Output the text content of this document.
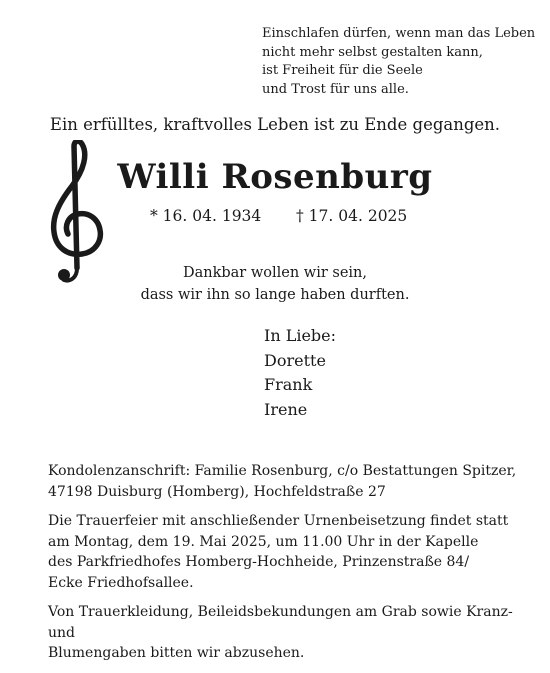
Einschlafen dürfen, wenn man das Leben
nicht mehr selbst gestalten kann,
ist Freiheit für die Seele
und Trost für uns alle.
Ein erfülltes, kraftvolles Leben ist zu Ende gegangen.
Willi Rosenburg
* 16. 04. 1934 † 17. 04. 2025
Dankbar wollen wir sein,
dass wir ihn so lange haben durften.
In Liebe:
Dorette
Frank
Irene

Kondolenzanschrift: Familie Rosenburg, c/o Bestattungen Spitzer,
47198 Duisburg (Homberg), Hochfeldstraße 27

Die Trauerfeier mit anschließender Urnenbeisetzung findet statt
am Montag, dem 19. Mai 2025, um 11.00 Uhr in der Kapelle
des Parkfriedhofes Homberg-Hochheide, Prinzenstraße 84/
Ecke Friedhofsallee.

Von Trauerkleidung, Beileidsbekundungen am Grab sowie Kranz- und
Blumengaben bitten wir abzusehen.
